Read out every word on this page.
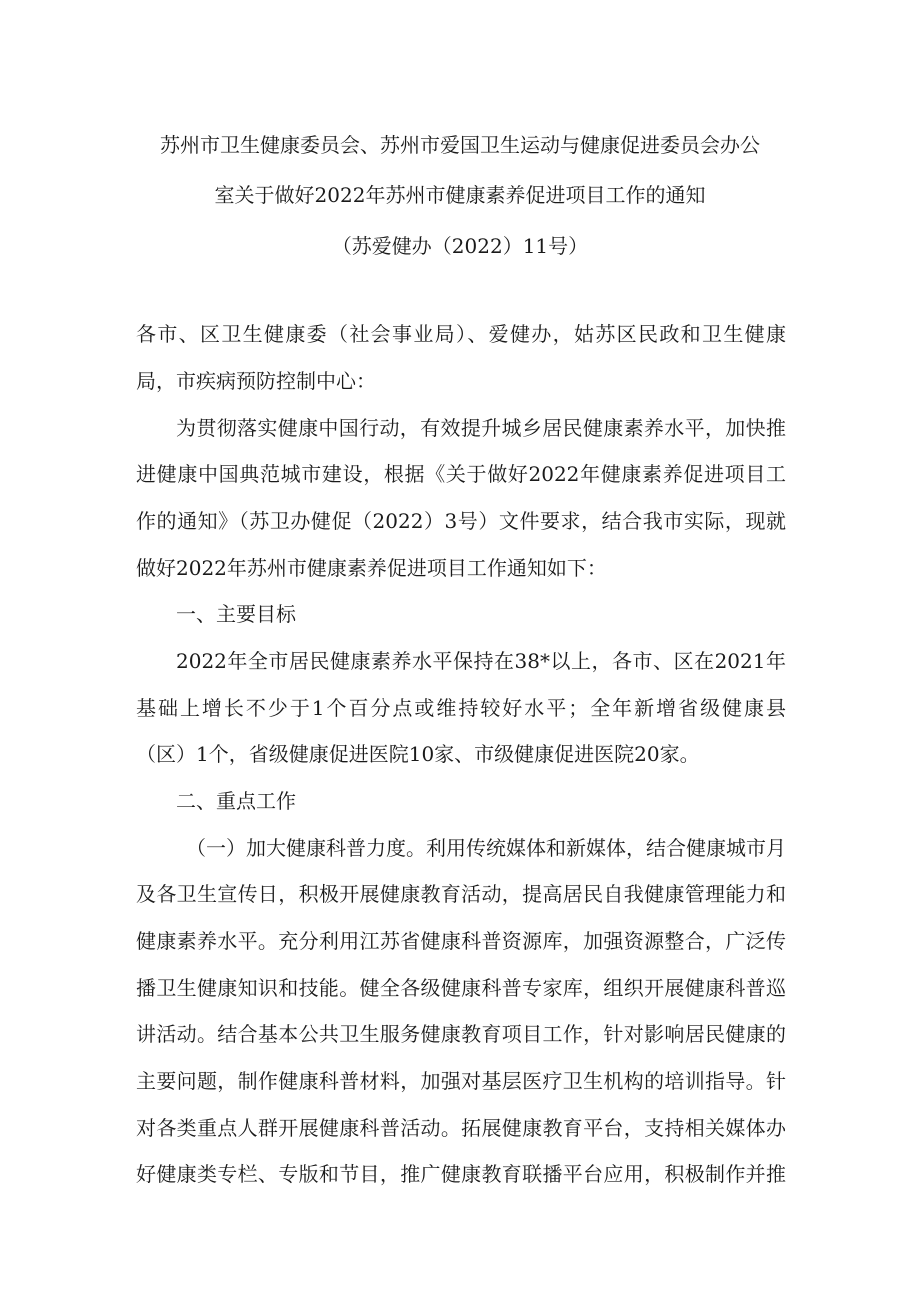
苏州市卫生健康委员会、苏州市爱国卫生运动与健康促进委员会办公

室关于做好2022年苏州市健康素养促进项目工作的通知

（苏爱健办（2022）11号）

各市、区卫生健康委（社会事业局）、爱健办，姑苏区民政和卫生健康

局，市疾病预防控制中心：

为贯彻落实健康中国行动，有效提升城乡居民健康素养水平，加快推

进健康中国典范城市建设，根据《关于做好2022年健康素养促进项目工

作的通知》（苏卫办健促（2022）3号）文件要求，结合我市实际，现就

做好2022年苏州市健康素养促进项目工作通知如下：

一、主要目标

2022年全市居民健康素养水平保持在38*以上，各市、区在2021年

基础上增长不少于1个百分点或维持较好水平；全年新增省级健康县

（区）1个，省级健康促进医院10家、市级健康促进医院20家。

二、重点工作

（一）加大健康科普力度。利用传统媒体和新媒体，结合健康城市月

及各卫生宣传日，积极开展健康教育活动，提高居民自我健康管理能力和

健康素养水平。充分利用江苏省健康科普资源库，加强资源整合，广泛传

播卫生健康知识和技能。健全各级健康科普专家库，组织开展健康科普巡

讲活动。结合基本公共卫生服务健康教育项目工作，针对影响居民健康的

主要问题，制作健康科普材料，加强对基层医疗卫生机构的培训指导。针

对各类重点人群开展健康科普活动。拓展健康教育平台，支持相关媒体办

好健康类专栏、专版和节目，推广健康教育联播平台应用，积极制作并推
